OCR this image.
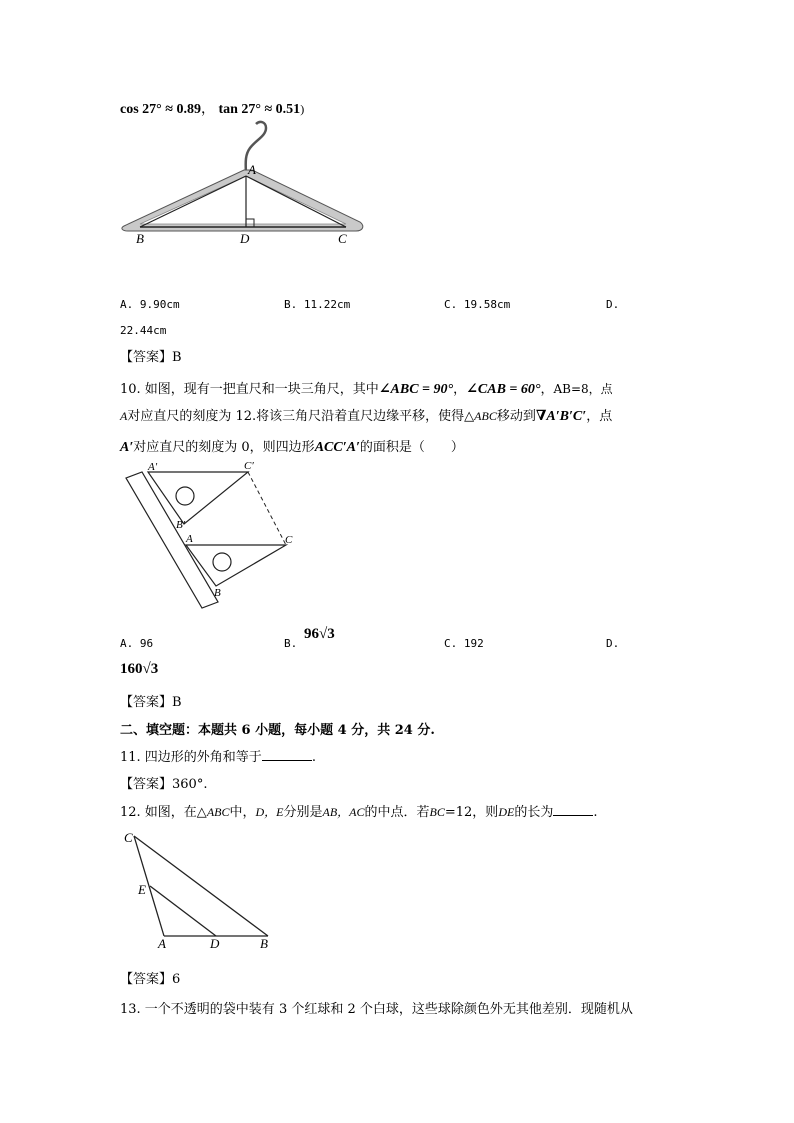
cos 27° ≈ 0.89， tan 27° ≈ 0.51)
A
B	D	C
A. 9.90cm	B. 11.22cm	C. 19.58cm	D.
22.44cm
【答案】B
10. 如图，现有一把直尺和一块三角尺，其中∠ABC = 90°，∠CAB = 60°，AB=8，点
A对应直尺的刻度为 12.将该三角尺沿着直尺边缘平移，使得△ABC移动到∇A′B′C′，点
A′对应直尺的刻度为 0，则四边形ACC′A′的面积是（　　）
A′	C′
B′
A	C
B
A. 96	B.
96√3
C. 192	D.
160√3
【答案】B
二、填空题：本题共 6 小题，每小题 4 分，共 24 分.
11. 四边形的外角和等于	.
【答案】360°.
12. 如图，在△ABC中，D，E分别是AB，AC的中点．若BC=12，则DE的长为	.
C
E
A	D	B
【答案】6
13. 一个不透明的袋中装有 3 个红球和 2 个白球，这些球除颜色外无其他差别．现随机从
